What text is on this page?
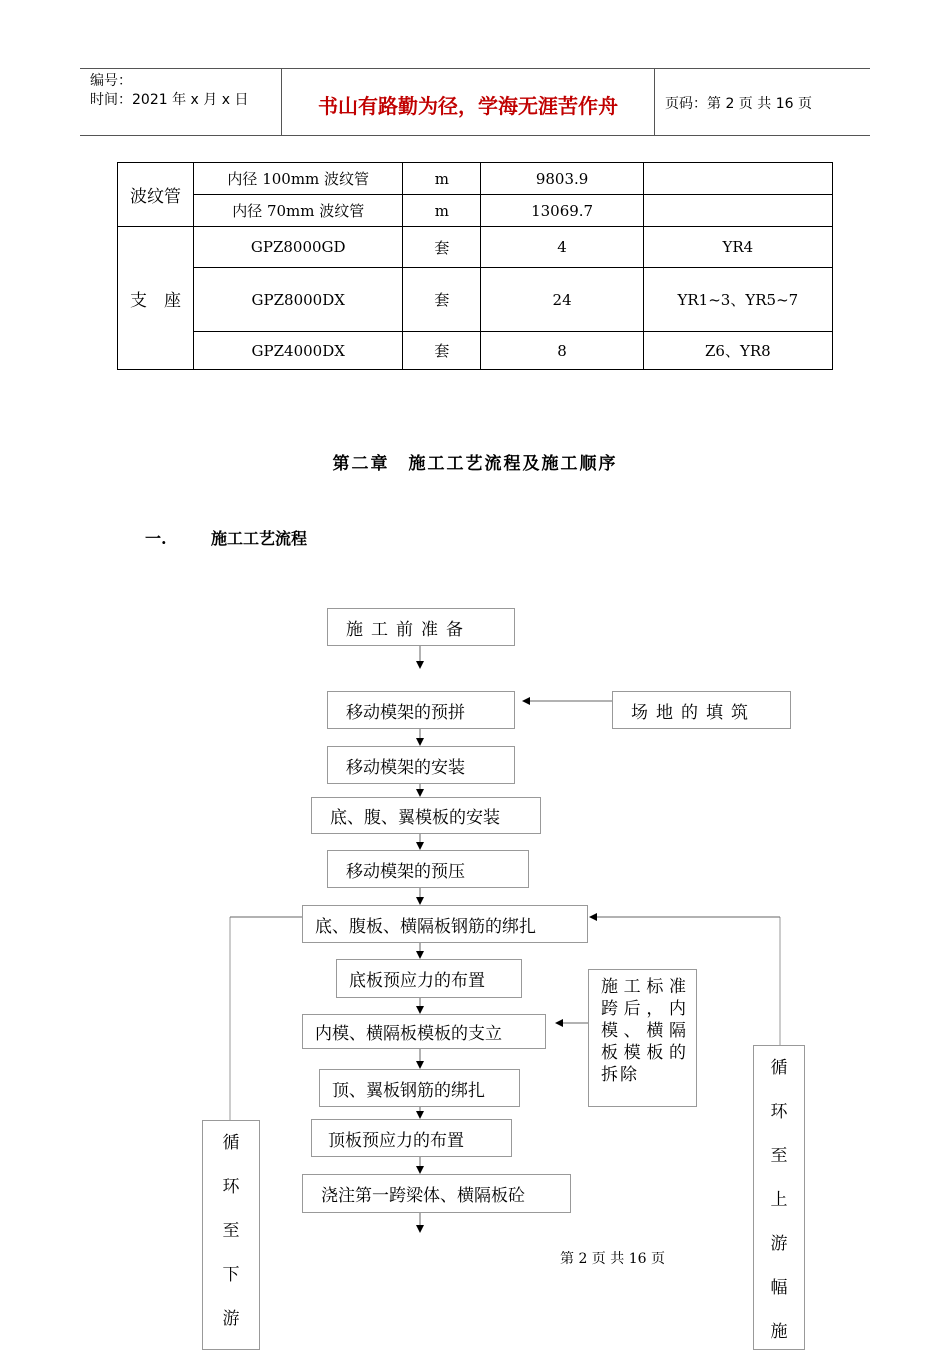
编号：
时间：2021 年 x 月 x 日	书山有路勤为径，学海无涯苦作舟	页码：第 2 页 共 16 页
波纹管	内径 100mm 波纹管	m	9803.9	
	内径 70mm 波纹管	m	13069.7	
支　座	GPZ8000GD	套	4	YR4
	GPZ8000DX	套	24	YR1~3、YR5~7
	GPZ4000DX	套	8	Z6、YR8
第二章　施工工艺流程及施工顺序
一.	施工工艺流程
施工前准备
移动模架的预拼
移动模架的安装
底、腹、翼模板的安装
移动模架的预压
底、腹板、横隔板钢筋的绑扎
底板预应力的布置
内模、横隔板模板的支立
顶、翼板钢筋的绑扎
顶板预应力的布置
浇注第一跨梁体、横隔板砼
场地的填筑
施工标准跨后，内模、横隔板模板的拆除
循
环
至
下
游
循
环
至
上
游
幅
施
第 2 页 共 16 页
